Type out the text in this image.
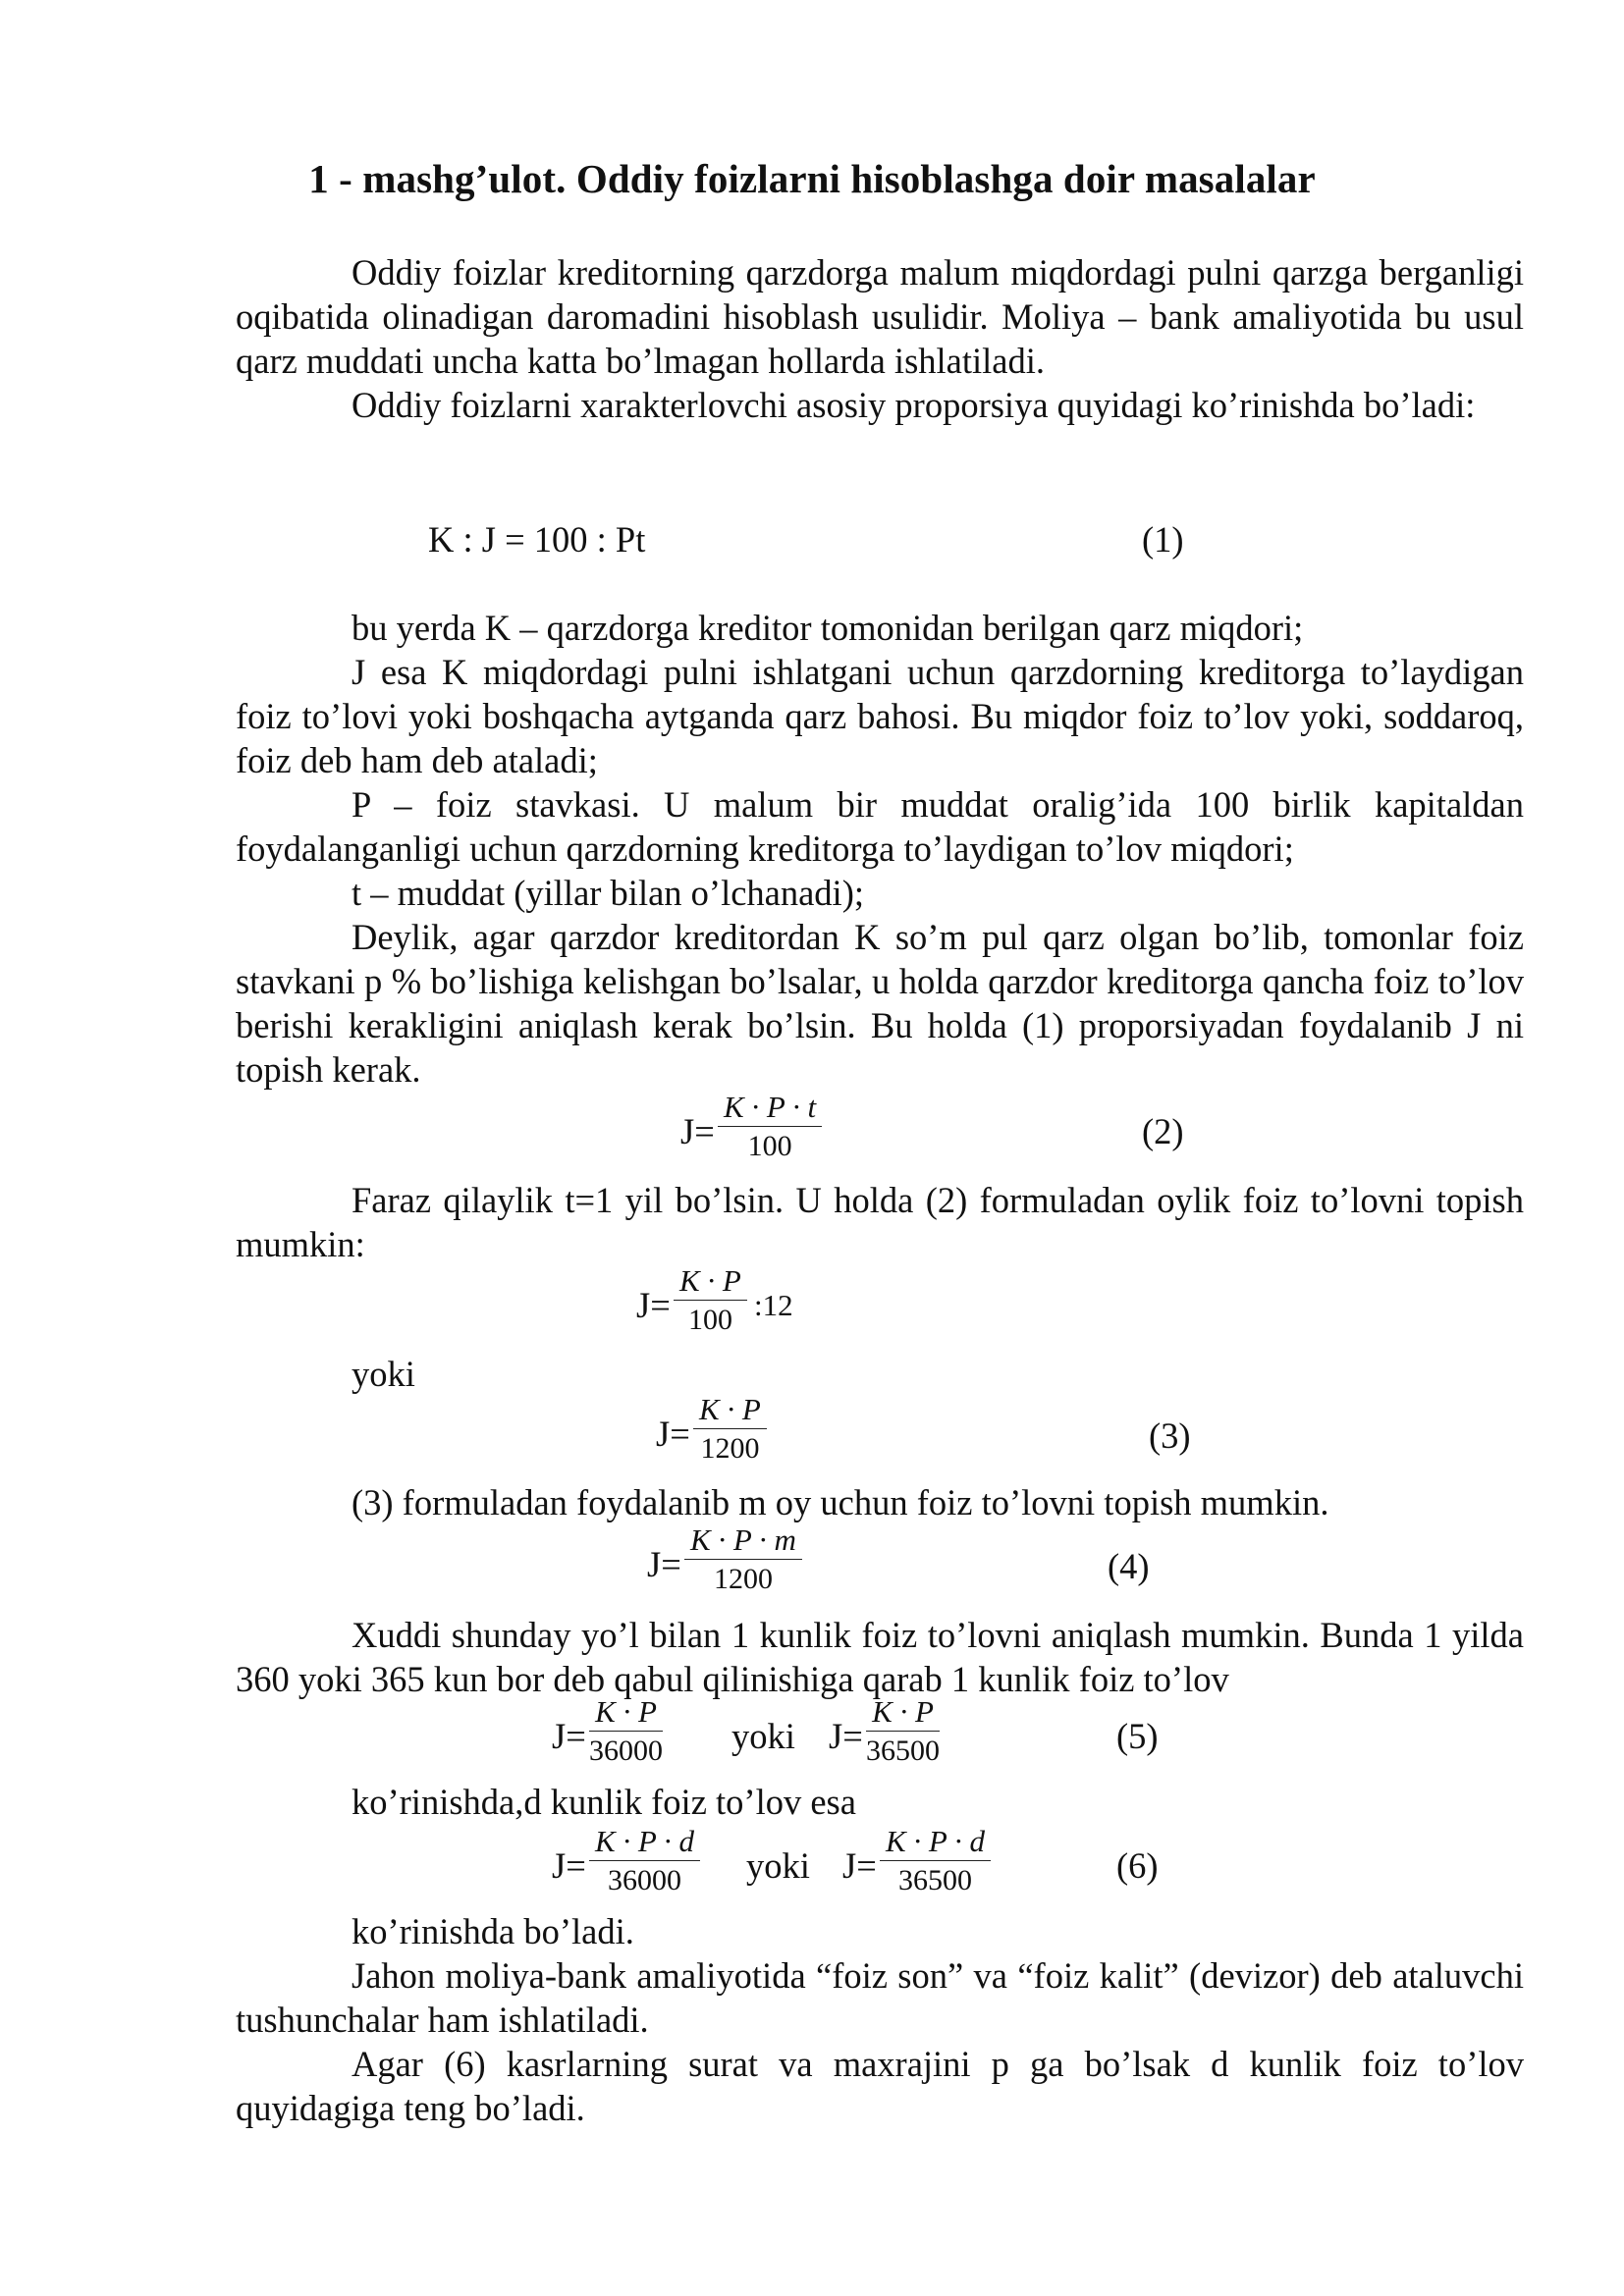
1 - mashg’ulot. Oddiy foizlarni hisoblashga doir masalalar

Oddiy foizlar kreditorning qarzdorga malum miqdordagi pulni qarzga berganligi oqibatida olinadigan daromadini hisoblash usulidir. Moliya – bank amaliyotida bu usul qarz muddati uncha katta bo’lmagan hollarda ishlatiladi.

Oddiy foizlarni xarakterlovchi asosiy proporsiya quyidagi ko’rinishda bo’ladi:

K : J = 100 : Pt	(1)

bu yerda K – qarzdorga kreditor tomonidan berilgan qarz miqdori;

J esa K miqdordagi pulni ishlatgani uchun qarzdorning kreditorga to’laydigan foiz to’lovi yoki boshqacha aytganda qarz bahosi. Bu miqdor foiz to’lov yoki, soddaroq, foiz deb ham deb ataladi;

P – foiz stavkasi. U malum bir muddat oralig’ida 100 birlik kapitaldan foydalanganligi uchun qarzdorning kreditorga to’laydigan to’lov miqdori;

t – muddat (yillar bilan o’lchanadi);

Deylik, agar qarzdor kreditordan K so’m pul qarz olgan bo’lib, tomonlar foiz stavkani p % bo’lishiga kelishgan bo’lsalar, u holda qarzdor kreditorga qancha foiz to’lov berishi kerakligini aniqlash kerak bo’lsin. Bu holda (1) proporsiyadan foydalanib J ni topish kerak.

$J= \frac{K \cdot P \cdot t}{100}$	(2)

Faraz qilaylik t=1 yil bo’lsin. U holda (2) formuladan oylik foiz to’lovni topish mumkin:

$J= \frac{K \cdot P}{100}$ :12

yoki

$J= \frac{K \cdot P}{1200}$	(3)

(3) formuladan foydalanib m oy uchun foiz to’lovni topish mumkin.

$J= \frac{K \cdot P \cdot m}{1200}$	(4)

Xuddi shunday yo’l bilan 1 kunlik foiz to’lovni aniqlash mumkin. Bunda 1 yilda 360 yoki 365 kun bor deb qabul qilinishiga qarab 1 kunlik foiz to’lov

$J= \frac{K \cdot P}{36000}$ yoki $J= \frac{K \cdot P}{36500}$	(5)

ko’rinishda,d kunlik foiz to’lov esa

$J= \frac{K \cdot P \cdot d}{36000}$ yoki $J= \frac{K \cdot P \cdot d}{36500}$	(6)

ko’rinishda bo’ladi.

Jahon moliya-bank amaliyotida “foiz son” va “foiz kalit” (devizor) deb ataluvchi tushunchalar ham ishlatiladi.

Agar (6) kasrlarning surat va maxrajini p ga bo’lsak d kunlik foiz to’lov quyidagiga teng bo’ladi.
